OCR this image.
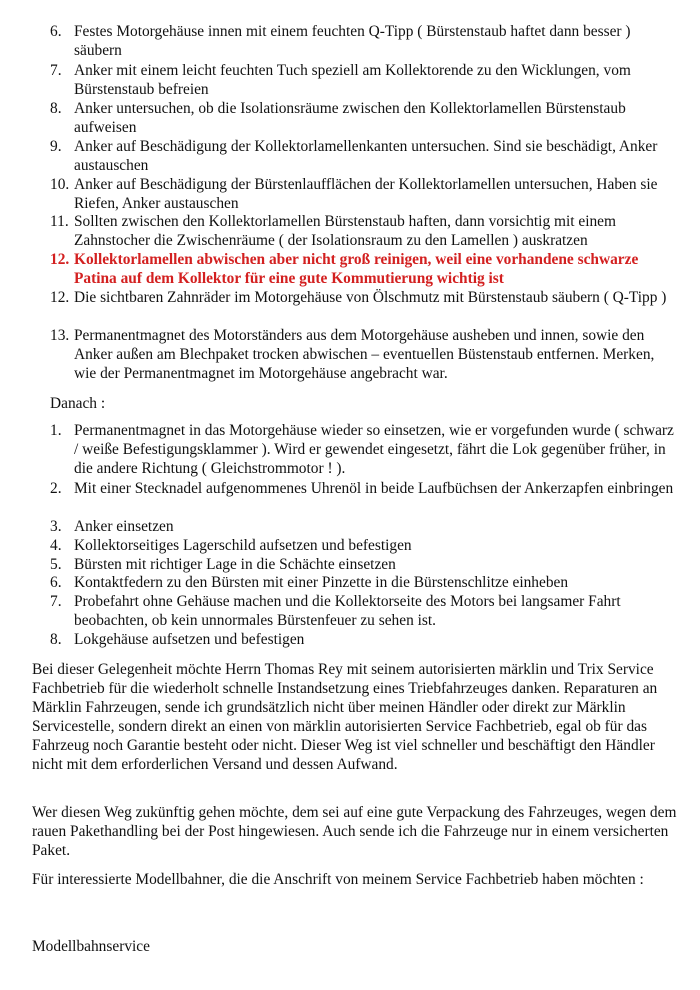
6. Festes Motorgehäuse innen mit einem feuchten Q-Tipp ( Bürstenstaub haftet dann besser ) säubern
7. Anker mit einem leicht feuchten Tuch speziell am Kollektorende zu den Wicklungen, vom Bürstenstaub befreien
8. Anker untersuchen, ob die Isolationsräume zwischen den Kollektorlamellen Bürstenstaub aufweisen
9. Anker auf Beschädigung der Kollektorlamellenkanten untersuchen. Sind sie beschädigt, Anker austauschen
10. Anker auf Beschädigung der Bürstenlaufflächen der Kollektorlamellen untersuchen, Haben sie Riefen, Anker austauschen
11. Sollten zwischen den Kollektorlamellen Bürstenstaub haften, dann vorsichtig mit einem Zahnstocher die Zwischenräume ( der Isolationsraum zu den Lamellen ) auskratzen
12. Kollektorlamellen abwischen aber nicht groß reinigen, weil eine vorhandene schwarze Patina auf dem Kollektor für eine gute Kommutierung wichtig ist
12. Die sichtbaren Zahnräder im Motorgehäuse von Ölschmutz mit Bürstenstaub säubern ( Q-Tipp )
13. Permanentmagnet des Motorständers aus dem Motorgehäuse ausheben und innen, sowie den Anker außen am Blechpaket trocken abwischen – eventuellen Büstenstaub entfernen. Merken, wie der Permanentmagnet im Motorgehäuse angebracht war.
Danach :
1. Permanentmagnet in das Motorgehäuse wieder so einsetzen, wie er vorgefunden wurde ( schwarz / weiße Befestigungsklammer ). Wird er gewendet eingesetzt, fährt die Lok gegenüber früher, in die andere Richtung ( Gleichstrommotor ! ).
2. Mit einer Stecknadel aufgenommenes Uhrenöl in beide Laufbüchsen der Ankerzapfen einbringen
3. Anker einsetzen
4. Kollektorseitiges Lagerschild aufsetzen und befestigen
5. Bürsten mit richtiger Lage in die Schächte einsetzen
6. Kontaktfedern zu den Bürsten mit einer Pinzette in die Bürstenschlitze einheben
7. Probefahrt ohne Gehäuse machen und die Kollektorseite des Motors bei langsamer Fahrt beobachten, ob kein unnormales Bürstenfeuer zu sehen ist.
8. Lokgehäuse aufsetzen und befestigen
Bei dieser Gelegenheit möchte Herrn Thomas Rey mit seinem autorisierten märklin und Trix Service Fachbetrieb für die wiederholt schnelle Instandsetzung eines Triebfahrzeuges danken. Reparaturen an Märklin Fahrzeugen, sende ich grundsätzlich nicht über meinen Händler oder direkt zur Märklin Servicestelle, sondern direkt an einen von märklin autorisierten Service Fachbetrieb, egal ob für das Fahrzeug noch Garantie besteht oder nicht. Dieser Weg ist viel schneller und beschäftigt den Händler nicht mit dem erforderlichen Versand und dessen Aufwand.
Wer diesen Weg zukünftig gehen möchte, dem sei auf eine gute Verpackung des Fahrzeuges, wegen dem rauen Pakethandling bei der Post hingewiesen. Auch sende ich die Fahrzeuge nur in einem versicherten Paket.
Für interessierte Modellbahner, die die Anschrift von meinem Service Fachbetrieb haben möchten :
Modellbahnservice
